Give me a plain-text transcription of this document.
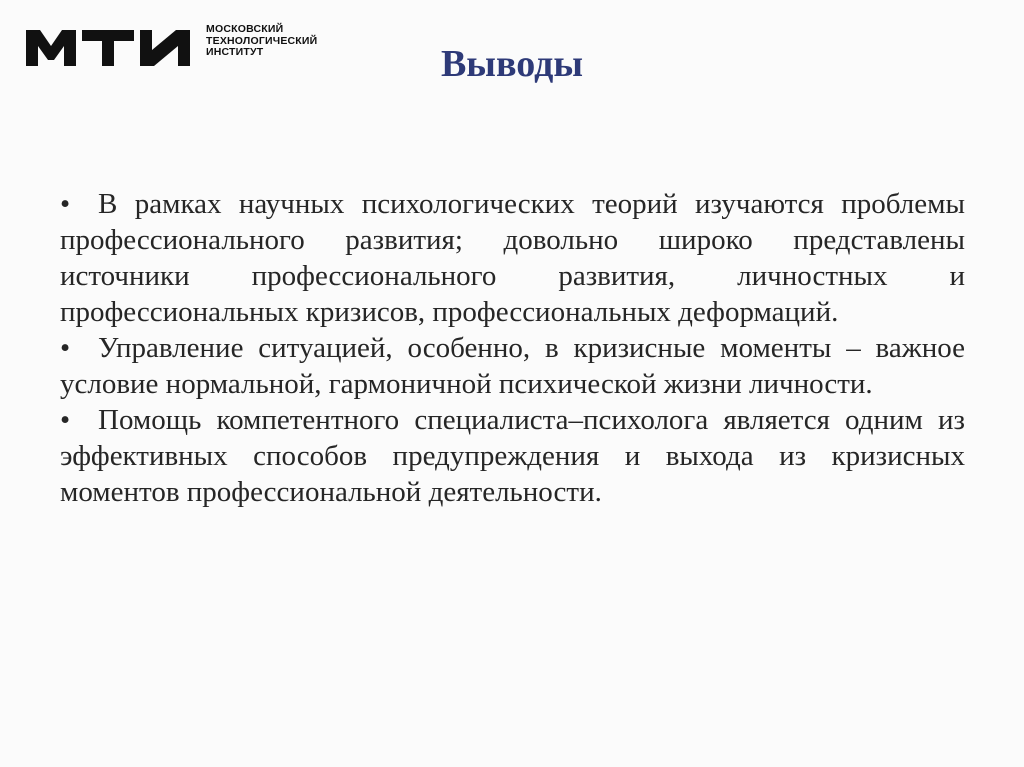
МОСКОВСКИЙ
ТЕХНОЛОГИЧЕСКИЙ
ИНСТИТУТ	Выводы

• В рамках научных психологических теорий изучаются проблемы профессионального развития; довольно широко представлены источники профессионального развития, личностных и профессиональных кризисов, профессиональных деформаций.

• Управление ситуацией, особенно, в кризисные моменты – важное условие нормальной, гармоничной психической жизни личности.

• Помощь компетентного специалиста–психолога является одним из эффективных способов предупреждения и выхода из кризисных моментов профессиональной деятельности.
